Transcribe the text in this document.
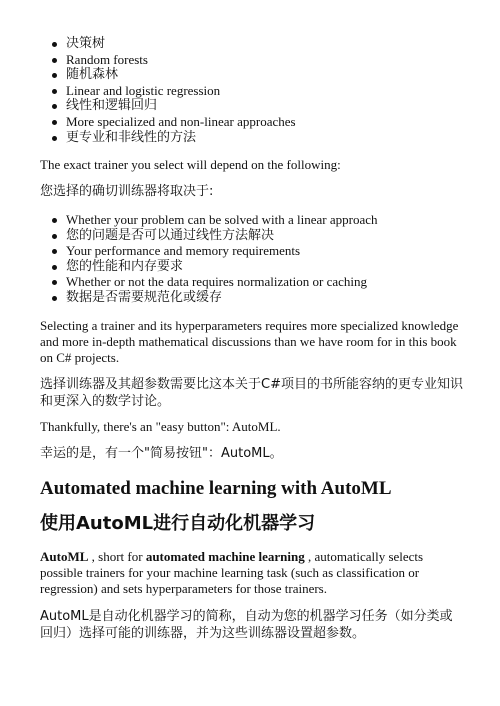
决策树
Random forests
随机森林
Linear and logistic regression
线性和逻辑回归
More specialized and non-linear approaches
更专业和非线性的方法
The exact trainer you select will depend on the following:
您选择的确切训练器将取决于:
Whether your problem can be solved with a linear approach
您的问题是否可以通过线性方法解决
Your performance and memory requirements
您的性能和内存要求
Whether or not the data requires normalization or caching
数据是否需要规范化或缓存
Selecting a trainer and its hyperparameters requires more specialized knowledge and more in-depth mathematical discussions than we have room for in this book on C# projects.
选择训练器及其超参数需要比这本关于C#项目的书所能容纳的更专业知识和更深入的数学讨论。
Thankfully, there's an "easy button": AutoML.
幸运的是，有一个"简易按钮"：AutoML。
Automated machine learning with AutoML
使用AutoML进行自动化机器学习
AutoML , short for automated machine learning , automatically selects possible trainers for your machine learning task (such as classification or regression) and sets hyperparameters for those trainers.
AutoML是自动化机器学习的简称，自动为您的机器学习任务（如分类或回归）选择可能的训练器，并为这些训练器设置超参数。
